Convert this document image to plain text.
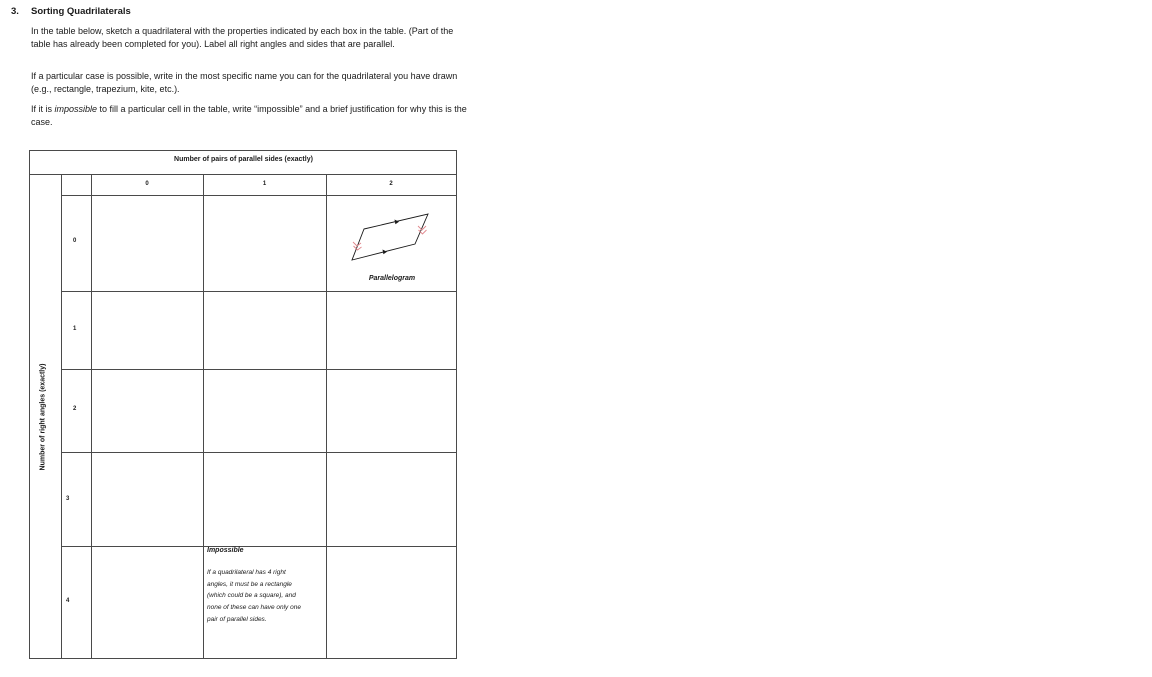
3. Sorting Quadrilaterals
In the table below, sketch a quadrilateral with the properties indicated by each box in the table. (Part of the table has already been completed for you). Label all right angles and sides that are parallel.
If a particular case is possible, write in the most specific name you can for the quadrilateral you have drawn (e.g., rectangle, trapezium, kite, etc.).
If it is impossible to fill a particular cell in the table, write “impossible” and a brief justification for why this is the case.
Number of pairs of parallel sides (exactly)
Number of right angles (exactly)
0	1	2
0
1
2
3
4
Parallelogram
Impossible
If a quadrilateral has 4 right
angles, it must be a rectangle
(which could be a square), and
none of these can have only one
pair of parallel sides.
